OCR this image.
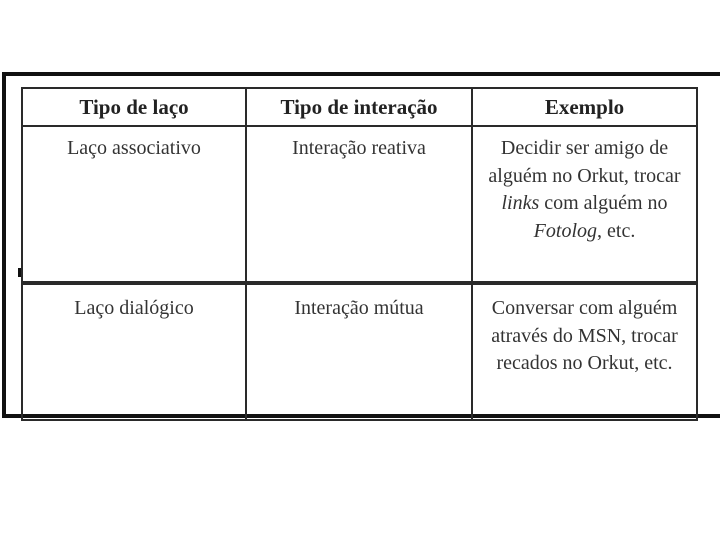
Tipo de laço	Tipo de interação	Exemplo
Laço associativo	Interação reativa	Decidir ser amigo de alguém no Orkut, trocar links com alguém no Fotolog, etc.
Laço dialógico	Interação mútua	Conversar com alguém através do MSN, trocar recados no Orkut, etc.
